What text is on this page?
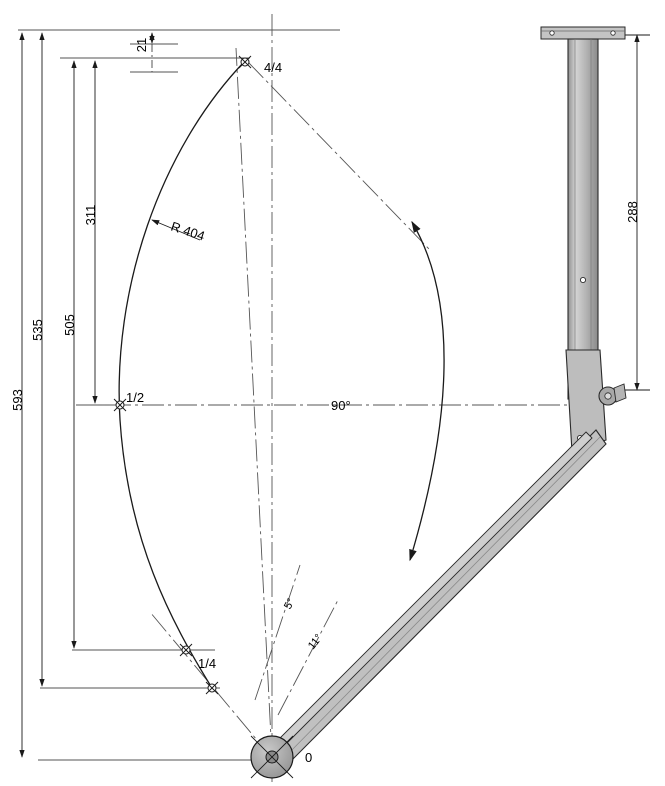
593
535 505
311
21
288
R 404
90°
5°
11°
4/4
1/2
1/4
0
